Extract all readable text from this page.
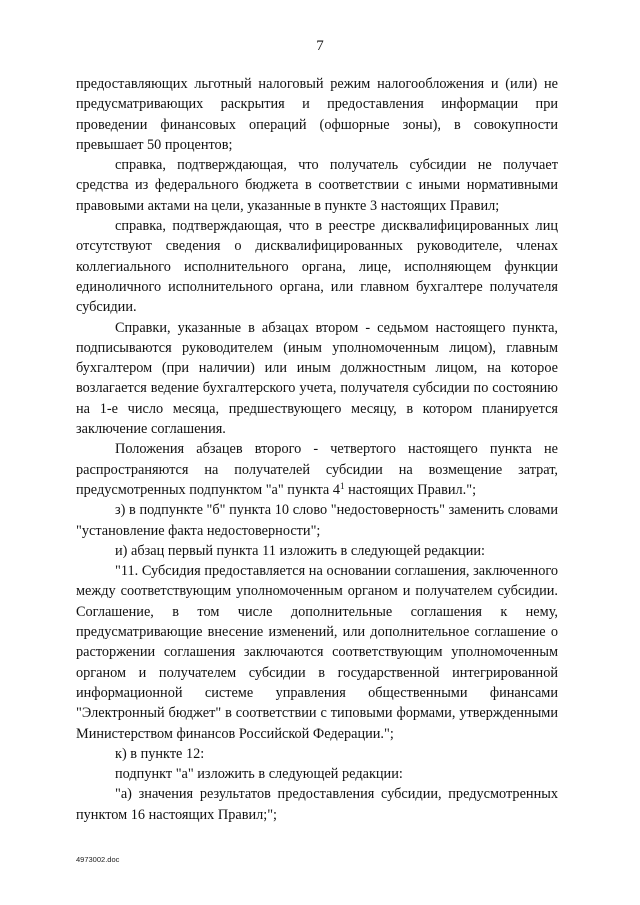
7

предоставляющих льготный налоговый режим налогообложения и (или) не предусматривающих раскрытия и предоставления информации при проведении финансовых операций (офшорные зоны), в совокупности превышает 50 процентов;

справка, подтверждающая, что получатель субсидии не получает средства из федерального бюджета в соответствии с иными нормативными правовыми актами на цели, указанные в пункте 3 настоящих Правил;

справка, подтверждающая, что в реестре дисквалифицированных лиц отсутствуют сведения о дисквалифицированных руководителе, членах коллегиального исполнительного органа, лице, исполняющем функции единоличного исполнительного органа, или главном бухгалтере получателя субсидии.

Справки, указанные в абзацах втором - седьмом настоящего пункта, подписываются руководителем (иным уполномоченным лицом), главным бухгалтером (при наличии) или иным должностным лицом, на которое возлагается ведение бухгалтерского учета, получателя субсидии по состоянию на 1-е число месяца, предшествующего месяцу, в котором планируется заключение соглашения.

Положения абзацев второго - четвертого настоящего пункта не распространяются на получателей субсидии на возмещение затрат, предусмотренных подпунктом "а" пункта $4^1$ настоящих Правил.";

з) в подпункте "б" пункта 10 слово "недостоверность" заменить словами "установление факта недостоверности";

и) абзац первый пункта 11 изложить в следующей редакции:

"11. Субсидия предоставляется на основании соглашения, заключенного между соответствующим уполномоченным органом и получателем субсидии. Соглашение, в том числе дополнительные соглашения к нему, предусматривающие внесение изменений, или дополнительное соглашение о расторжении соглашения заключаются соответствующим уполномоченным органом и получателем субсидии в государственной интегрированной информационной системе управления общественными финансами "Электронный бюджет" в соответствии с типовыми формами, утвержденными Министерством финансов Российской Федерации.";

к) в пункте 12:

подпункт "а" изложить в следующей редакции:

"а) значения результатов предоставления субсидии, предусмотренных пунктом 16 настоящих Правил;";

4973002.doc
